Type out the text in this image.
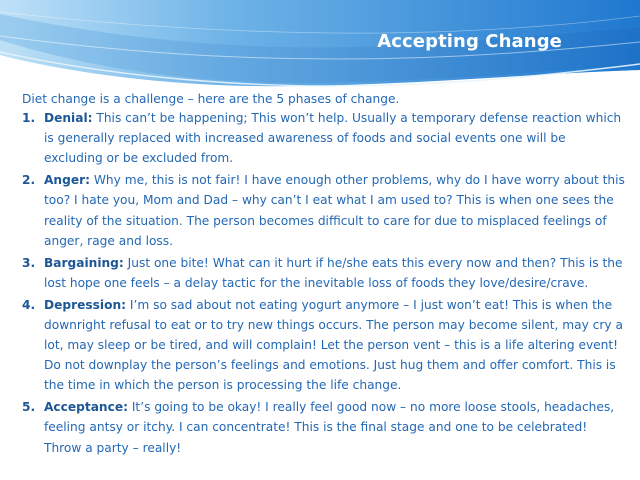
Accepting Change

Diet change is a challenge – here are the 5 phases of change.

1. Denial: This can’t be happening; This won’t help. Usually a temporary defense reaction which is generally replaced with increased awareness of foods and social events one will be excluding or be excluded from.
2. Anger: Why me, this is not fair! I have enough other problems, why do I have worry about this too? I hate you, Mom and Dad – why can’t I eat what I am used to? This is when one sees the reality of the situation. The person becomes difficult to care for due to misplaced feelings of anger, rage and loss.
3. Bargaining: Just one bite! What can it hurt if he/she eats this every now and then? This is the lost hope one feels – a delay tactic for the inevitable loss of foods they love/desire/crave.
4. Depression: I’m so sad about not eating yogurt anymore – I just won’t eat! This is when the downright refusal to eat or to try new things occurs. The person may become silent, may cry a lot, may sleep or be tired, and will complain! Let the person vent – this is a life altering event! Do not downplay the person’s feelings and emotions. Just hug them and offer comfort. This is the time in which the person is processing the life change.
5. Acceptance: It’s going to be okay! I really feel good now – no more loose stools, headaches, feeling antsy or itchy. I can concentrate! This is the final stage and one to be celebrated! Throw a party – really!
